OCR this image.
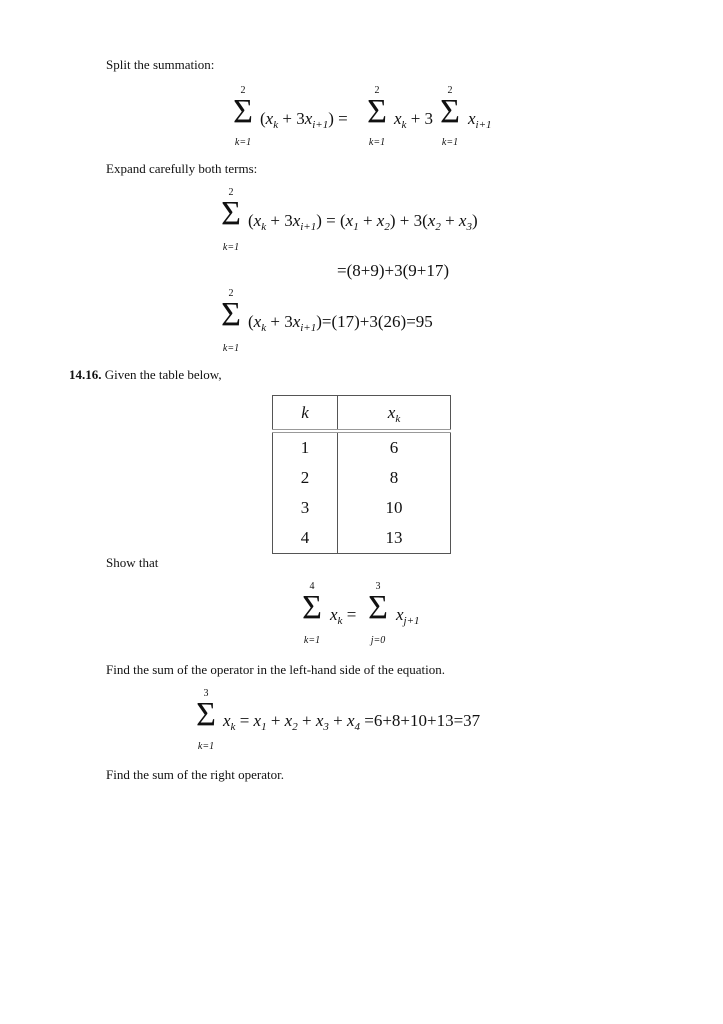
Split the summation:
2
Σ
k=1
$(x_k + 3x_{i+1})$ =
2
Σ
k=1
$x_k + 3$
2
Σ
k=1
$x_{i+1}$
Expand carefully both terms:
2
Σ
k=1
$(x_k + 3x_{i+1}) = (x_1 + x_2) + 3(x_2 + x_3)$
=(8+9)+3(9+17)
2
Σ
k=1
$(x_k + 3x_{i+1})=(17)+3(26)=95$
14.16. Given the table below,
k	$x_k$
1	6
2	8
3	10
4	13
Show that
4
Σ
k=1
$x_k$ =
3
Σ
j=0
$x_{j+1}$
Find the sum of the operator in the left-hand side of the equation.
3
Σ
k=1
$x_k = x_1 + x_2 + x_3 + x_4 =6+8+10+13=37$
Find the sum of the right operator.
